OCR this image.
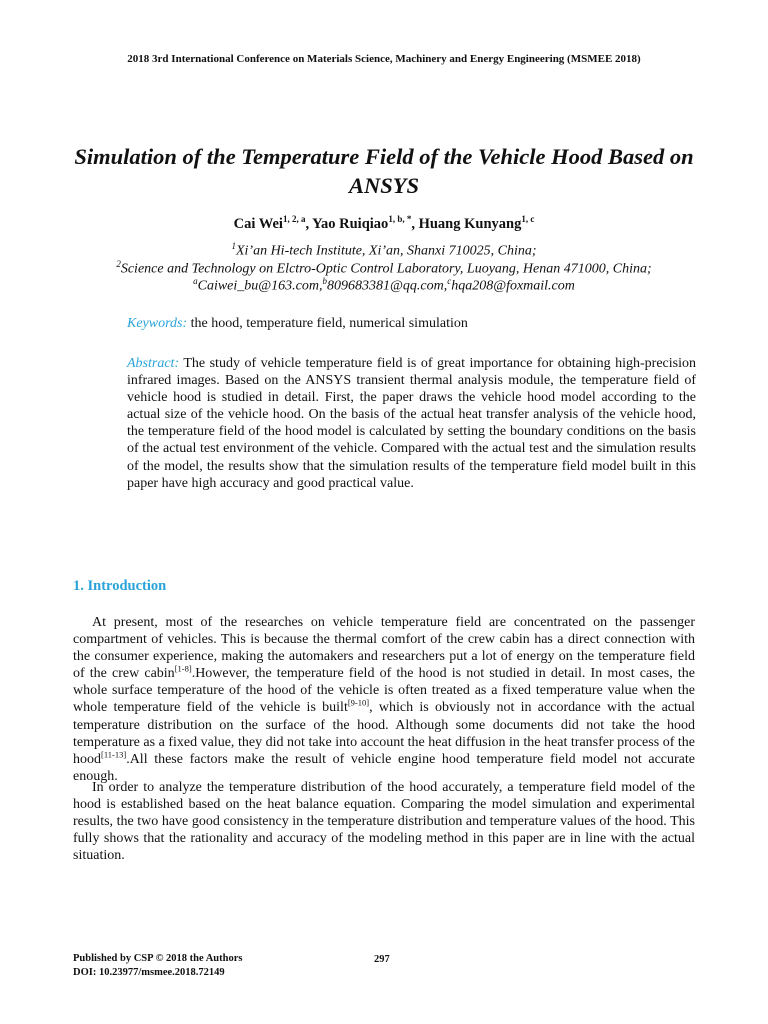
2018 3rd International Conference on Materials Science, Machinery and Energy Engineering (MSMEE 2018)
Simulation of the Temperature Field of the Vehicle Hood Based on ANSYS
Cai Wei$^{1, 2, a}$, Yao Ruiqiao$^{1, b, *}$, Huang Kunyang$^{1, c}$
$^1$Xi’an Hi-tech Institute, Xi’an, Shanxi 710025, China;
$^2$Science and Technology on Elctro-Optic Control Laboratory, Luoyang, Henan 471000, China;
$^a$Caiwei_bu@163.com,$^b$809683381@qq.com,$^c$hqa208@foxmail.com
Keywords: the hood, temperature field, numerical simulation
Abstract: The study of vehicle temperature field is of great importance for obtaining high-precision infrared images. Based on the ANSYS transient thermal analysis module, the temperature field of vehicle hood is studied in detail. First, the paper draws the vehicle hood model according to the actual size of the vehicle hood. On the basis of the actual heat transfer analysis of the vehicle hood, the temperature field of the hood model is calculated by setting the boundary conditions on the basis of the actual test environment of the vehicle. Compared with the actual test and the simulation results of the model, the results show that the simulation results of the temperature field model built in this paper have high accuracy and good practical value.
1. Introduction

At present, most of the researches on vehicle temperature field are concentrated on the passenger compartment of vehicles. This is because the thermal comfort of the crew cabin has a direct connection with the consumer experience, making the automakers and researchers put a lot of energy on the temperature field of the crew cabin[1-8].However, the temperature field of the hood is not studied in detail. In most cases, the whole surface temperature of the hood of the vehicle is often treated as a fixed temperature value when the whole temperature field of the vehicle is built[9-10], which is obviously not in accordance with the actual temperature distribution on the surface of the hood. Although some documents did not take the hood temperature as a fixed value, they did not take into account the heat diffusion in the heat transfer process of the hood[11-13].All these factors make the result of vehicle engine hood temperature field model not accurate enough.

In order to analyze the temperature distribution of the hood accurately, a temperature field model of the hood is established based on the heat balance equation. Comparing the model simulation and experimental results, the two have good consistency in the temperature distribution and temperature values of the hood. This fully shows that the rationality and accuracy of the modeling method in this paper are in line with the actual situation.

Published by CSP © 2018 the Authors
DOI: 10.23977/msmee.2018.72149
297
